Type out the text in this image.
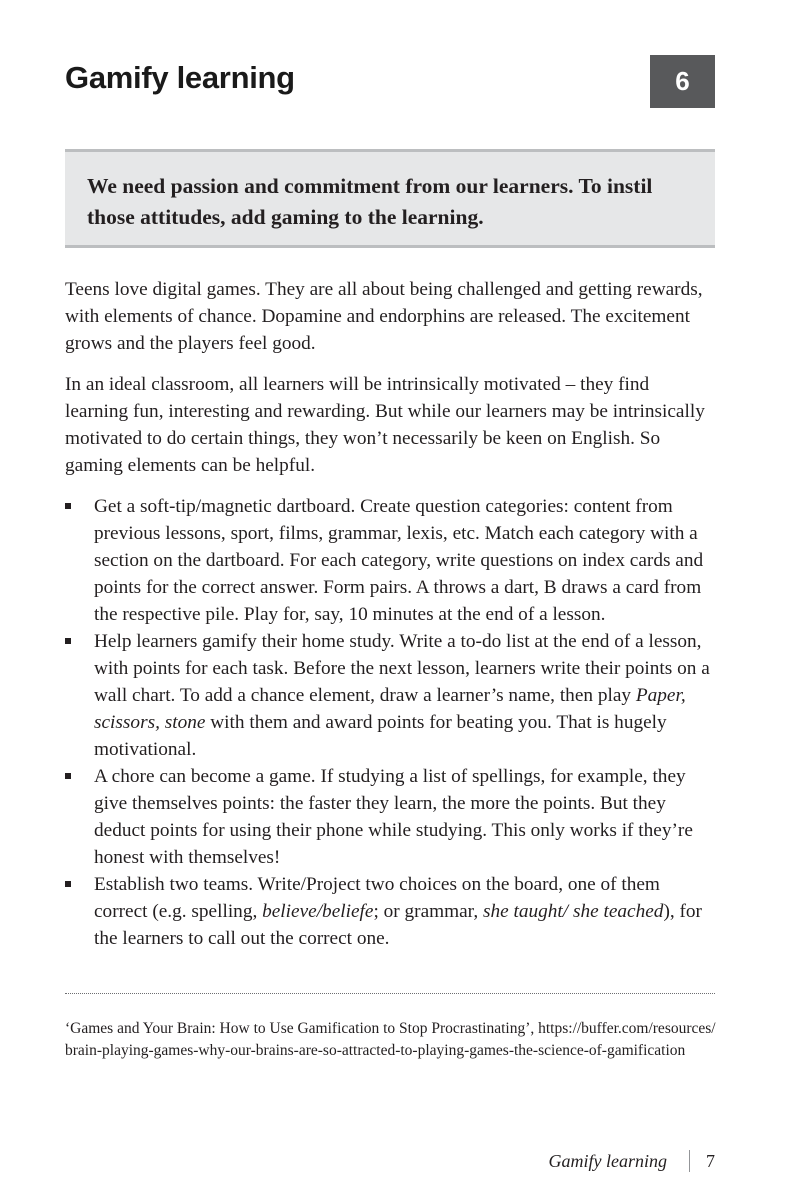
Gamify learning	6
We need passion and commitment from our learners. To instil those attitudes, add gaming to the learning.

Teens love digital games. They are all about being challenged and getting rewards, with elements of chance. Dopamine and endorphins are released. The excitement grows and the players feel good.

In an ideal classroom, all learners will be intrinsically motivated – they find learning fun, interesting and rewarding. But while our learners may be intrinsically motivated to do certain things, they won’t necessarily be keen on English. So gaming elements can be helpful.

Get a soft-tip/magnetic dartboard. Create question categories: content from previous lessons, sport, films, grammar, lexis, etc. Match each category with a section on the dartboard. For each category, write questions on index cards and points for the correct answer. Form pairs. A throws a dart, B draws a card from the respective pile. Play for, say, 10 minutes at the end of a lesson.
Help learners gamify their home study. Write a to-do list at the end of a lesson, with points for each task. Before the next lesson, learners write their points on a wall chart. To add a chance element, draw a learner’s name, then play Paper, scissors, stone with them and award points for beating you. That is hugely motivational.
A chore can become a game. If studying a list of spellings, for example, they give themselves points: the faster they learn, the more the points. But they deduct points for using their phone while studying. This only works if they’re honest with themselves!
Establish two teams. Write/Project two choices on the board, one of them correct (e.g. spelling, believe/beliefe; or grammar, she taught/ she teached), for the learners to call out the correct one.
‘Games and Your Brain: How to Use Gamification to Stop Procrastinating’, https://buffer.com/resources/brain-playing-games-why-our-brains-are-so-attracted-to-playing-games-the-science-of-gamification
Gamify learning 7
